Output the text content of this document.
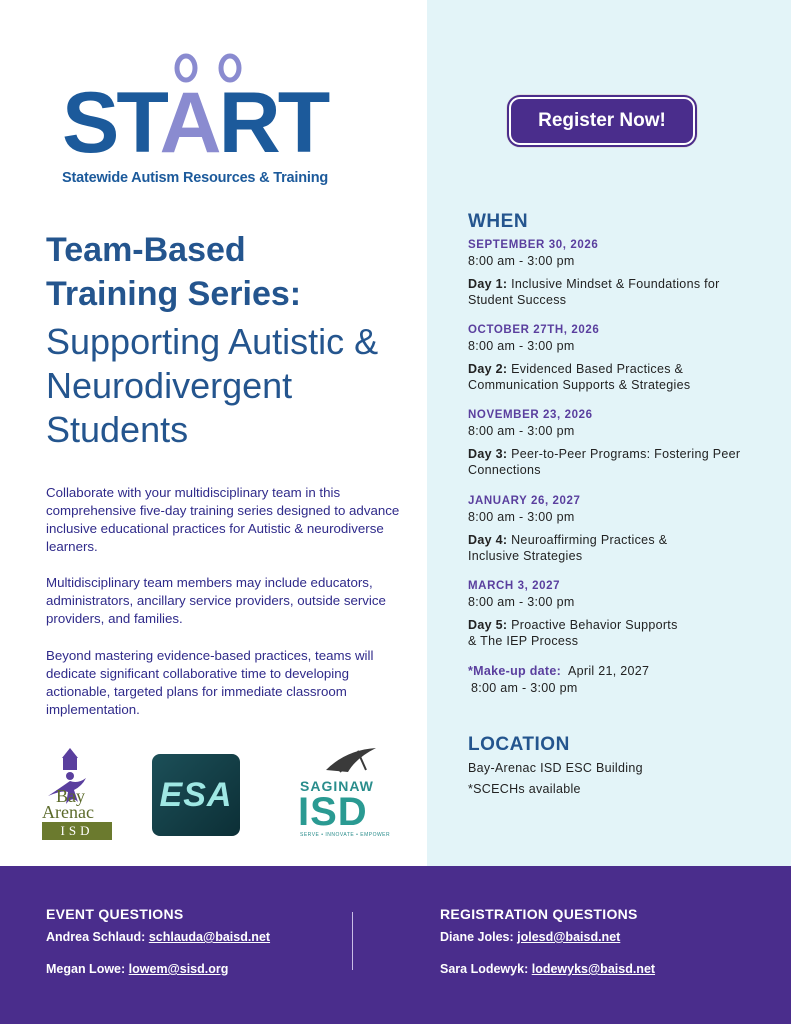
START
Statewide Autism Resources & Training
Team-Based
Training Series:
Supporting Autistic & Neurodivergent Students
Collaborate with your multidisciplinary team in this comprehensive five-day training series designed to advance inclusive educational practices for Autistic & neurodiverse learners.
Multidisciplinary team members may include educators, administrators, ancillary service providers, outside service providers, and families.
Beyond mastering evidence-based practices, teams will dedicate significant collaborative time to developing actionable, targeted plans for immediate classroom implementation.
Bay
Arenac
ISD
ESA	SAGINAW
ISD
SERVE • INNOVATE • EMPOWER
Register Now!
WHEN
SEPTEMBER 30, 2026
8:00 am - 3:00 pm
Day 1: Inclusive Mindset & Foundations for Student Success
OCTOBER 27TH, 2026
8:00 am - 3:00 pm
Day 2: Evidenced Based Practices & Communication Supports & Strategies
NOVEMBER 23, 2026
8:00 am - 3:00 pm
Day 3: Peer-to-Peer Programs: Fostering Peer Connections
JANUARY 26, 2027
8:00 am - 3:00 pm
Day 4: Neuroaffirming Practices & Inclusive Strategies
MARCH 3, 2027
8:00 am - 3:00 pm
Day 5: Proactive Behavior Supports & The IEP Process
*Make-up date: April 21, 2027
8:00 am - 3:00 pm
LOCATION
Bay-Arenac ISD ESC Building
*SCECHs available
EVENT QUESTIONS
Andrea Schlaud: schlauda@baisd.net
Megan Lowe: lowem@sisd.org
REGISTRATION QUESTIONS
Diane Joles: jolesd@baisd.net
Sara Lodewyk: lodewyks@baisd.net
